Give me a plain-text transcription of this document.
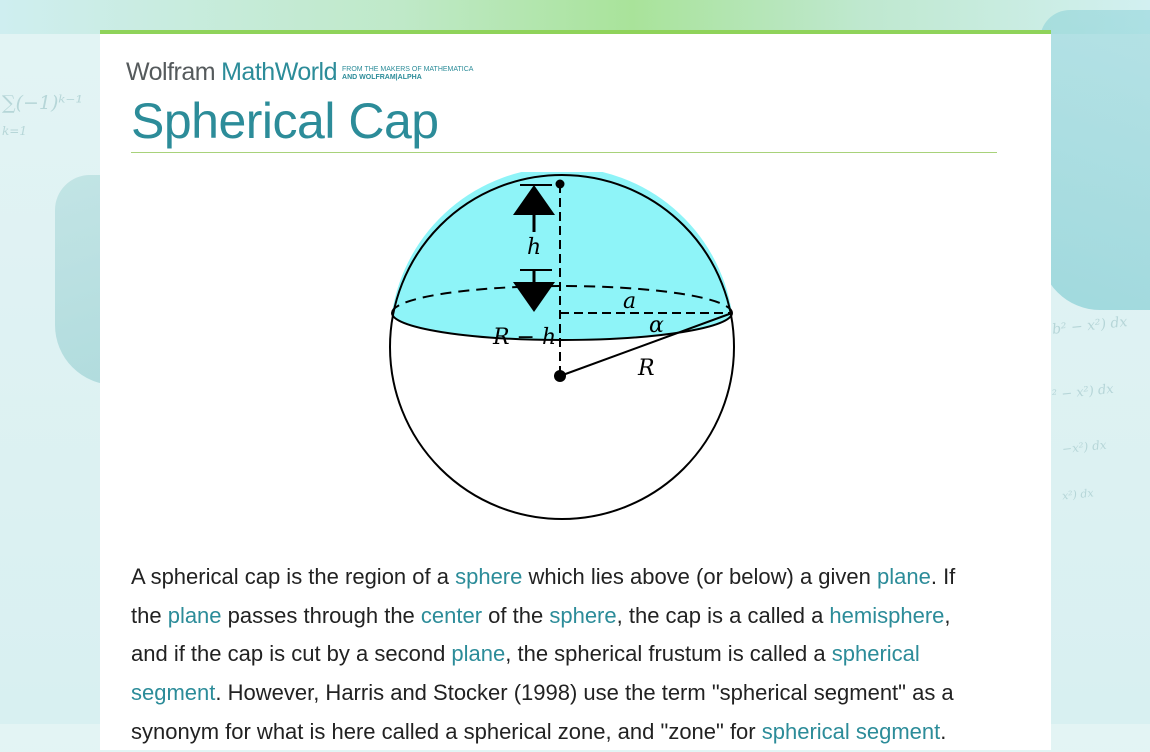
∑(−1)ᵏ⁻¹
k=1
b² − x²) dx
² − x²) dx
−x²) dx
x²) dx
Wolfram MathWorld FROM THE MAKERS OF MATHEMATICA
AND WOLFRAM|ALPHA
Spherical Cap
h
a
α
R − h
R

A spherical cap is the region of a sphere which lies above (or below) a given plane. If the plane passes through the center of the sphere, the cap is a called a hemisphere, and if the cap is cut by a second plane, the spherical frustum is called a spherical segment. However, Harris and Stocker (1998) use the term "spherical segment" as a synonym for what is here called a spherical zone, and "zone" for spherical segment.
